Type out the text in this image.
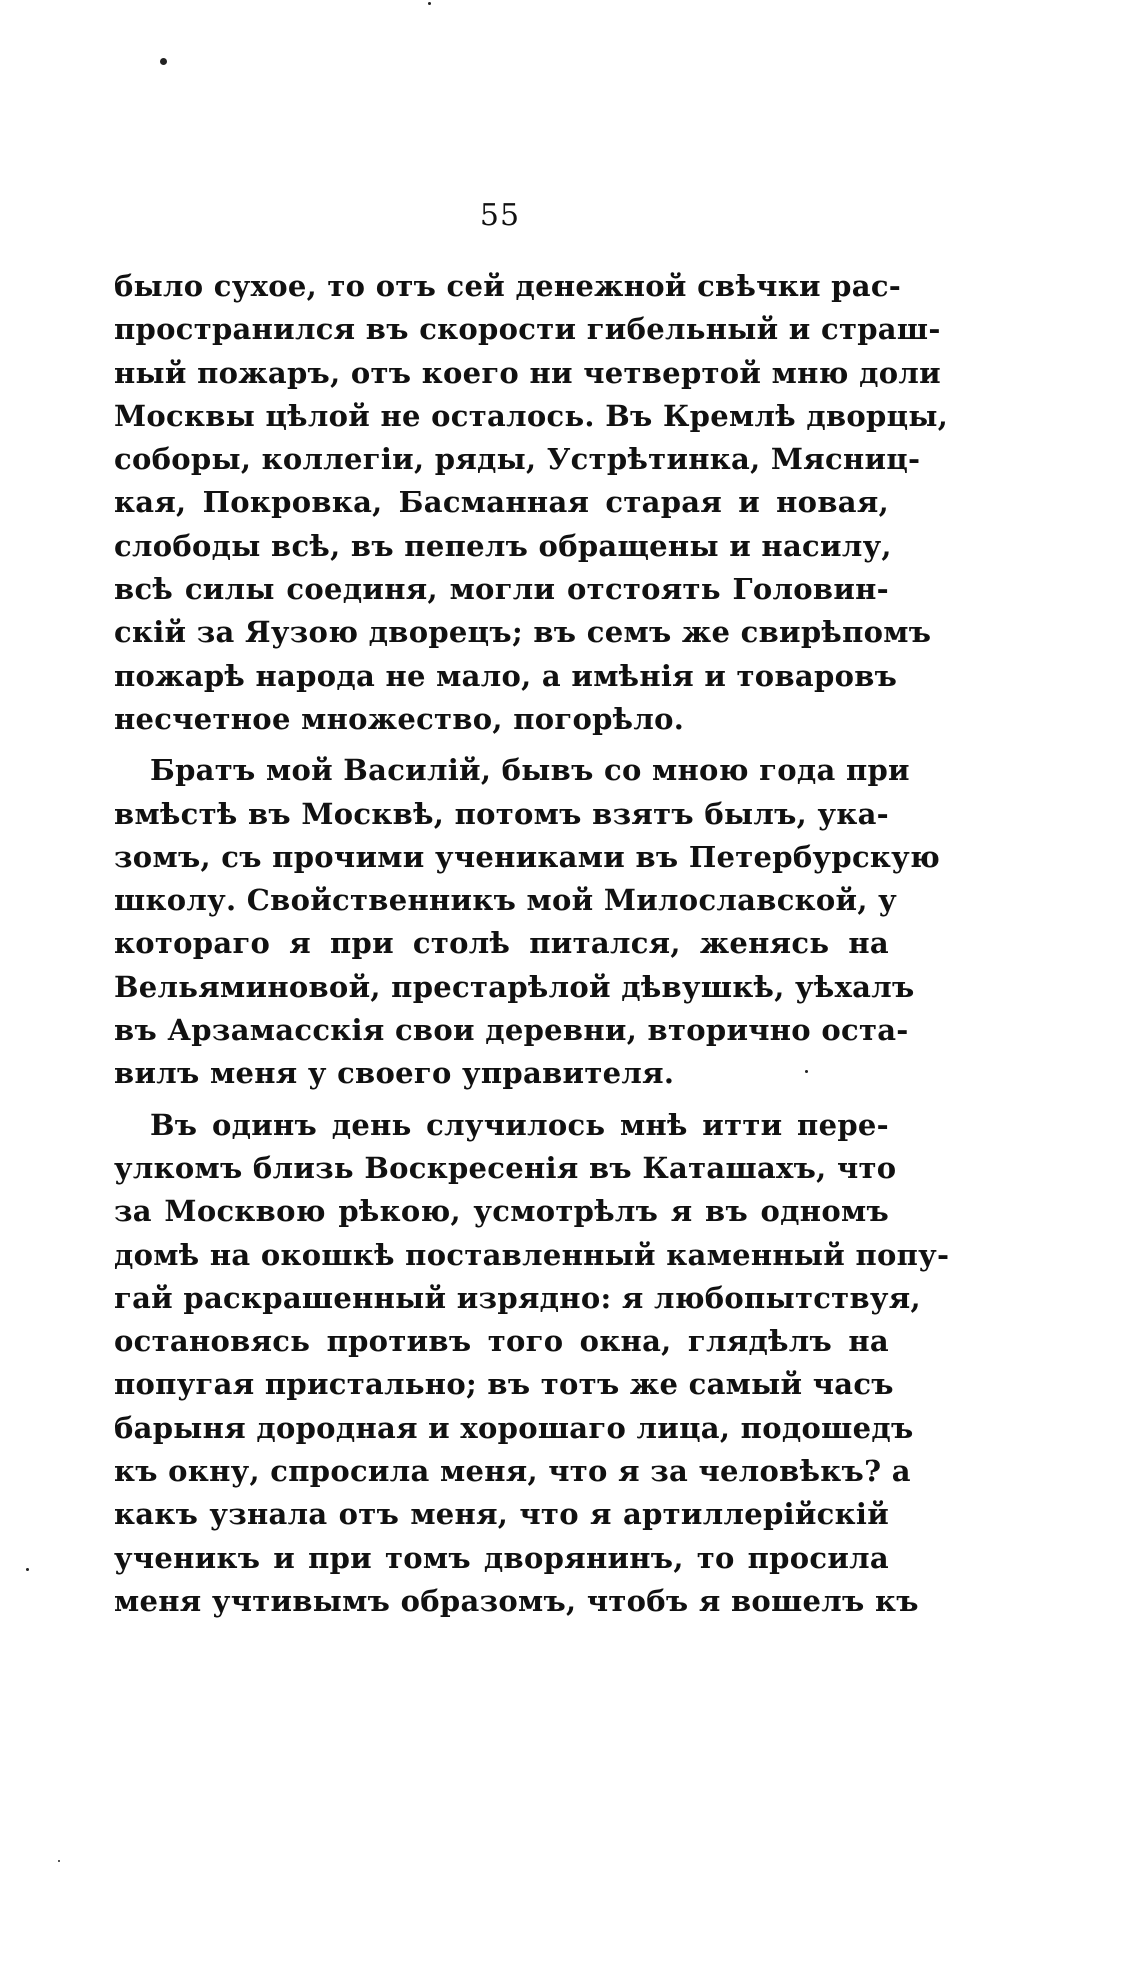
55
было сухое, то отъ сей денежной свѣчки рас-
пространился въ скорости гибельный и страш-
ный пожаръ, отъ коего ни четвертой мню доли
Москвы цѣлой не осталось. Въ Кремлѣ дворцы,
соборы, коллегіи, ряды, Устрѣтинка, Мясниц-
кая, Покровка, Басманная старая и новая,
слободы всѣ, въ пепелъ обращены и насилу,
всѣ силы соединя, могли отстоять Головин-
скій за Яузою дворецъ; въ семъ же свирѣпомъ
пожарѣ народа не мало, а имѣнія и товаровъ
несчетное множество, погорѣло.
Братъ мой Василій, бывъ со мною года при
вмѣстѣ въ Москвѣ, потомъ взятъ былъ, ука-
зомъ, съ прочими учениками въ Петербурскую
школу. Свойственникъ мой Милославской, у
котораго я при столѣ питался, женясь на
Вельяминовой, престарѣлой дѣвушкѣ, уѣхалъ
въ Арзамасскія свои деревни, вторично оста-
вилъ меня у своего управителя.
Въ одинъ день случилось мнѣ итти пере-
улкомъ близь Воскресенія въ Каташахъ, что
за Москвою рѣкою, усмотрѣлъ я въ одномъ
домѣ на окошкѣ поставленный каменный попу-
гай раскрашенный изрядно: я любопытствуя,
остановясь противъ того окна, глядѣлъ на
попугая пристально; въ тотъ же самый часъ
барыня дородная и хорошаго лица, подошедъ
къ окну, спросила меня, что я за человѣкъ? а
какъ узнала отъ меня, что я артиллерійскій
ученикъ и при томъ дворянинъ, то просила
меня учтивымъ образомъ, чтобъ я вошелъ къ
